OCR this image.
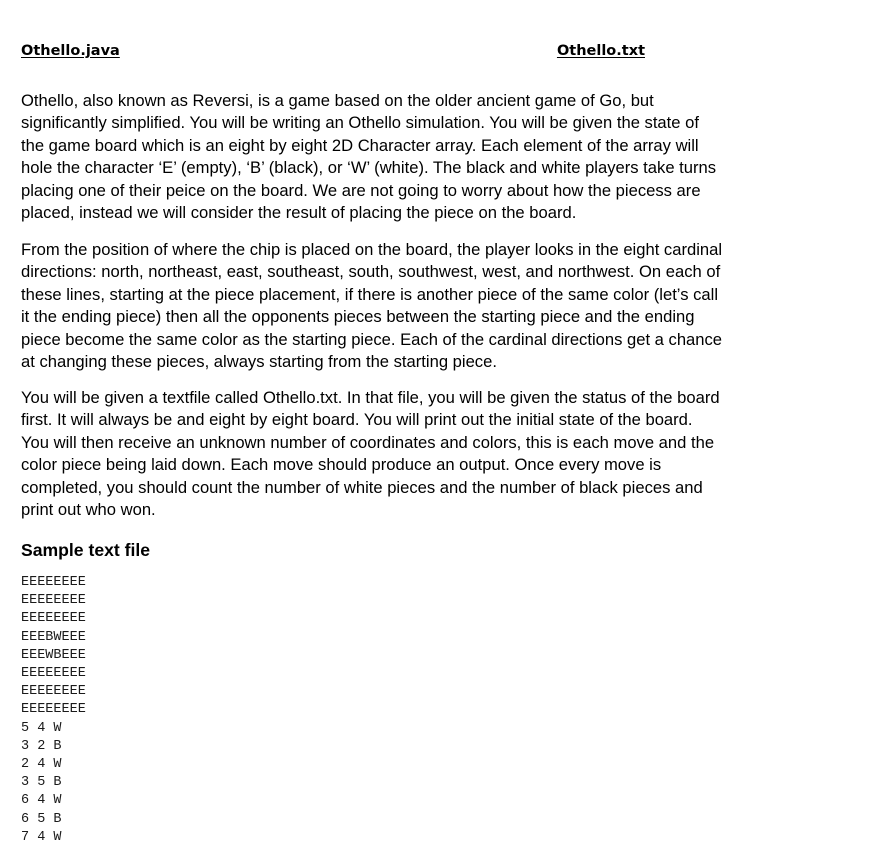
Othello.java	Othello.txt

Othello, also known as Reversi, is a game based on the older ancient game of Go, but
significantly simplified. You will be writing an Othello simulation. You will be given the state of
the game board which is an eight by eight 2D Character array. Each element of the array will
hole the character ‘E’ (empty), ‘B’ (black), or ‘W’ (white). The black and white players take turns
placing one of their peice on the board. We are not going to worry about how the piecess are
placed, instead we will consider the result of placing the piece on the board.

From the position of where the chip is placed on the board, the player looks in the eight cardinal
directions: north, northeast, east, southeast, south, southwest, west, and northwest. On each of
these lines, starting at the piece placement, if there is another piece of the same color (let’s call
it the ending piece) then all the opponents pieces between the starting piece and the ending
piece become the same color as the starting piece. Each of the cardinal directions get a chance
at changing these pieces, always starting from the starting piece.

You will be given a textfile called Othello.txt. In that file, you will be given the status of the board
first. It will always be and eight by eight board. You will print out the initial state of the board.
You will then receive an unknown number of coordinates and colors, this is each move and the
color piece being laid down. Each move should produce an output. Once every move is
completed, you should count the number of white pieces and the number of black pieces and
print out who won.

Sample text file
EEEEEEEE
EEEEEEEE
EEEEEEEE
EEEBWEEE
EEEWBEEE
EEEEEEEE
EEEEEEEE
EEEEEEEE
5 4 W
3 2 B
2 4 W
3 5 B
6 4 W
6 5 B
7 4 W
